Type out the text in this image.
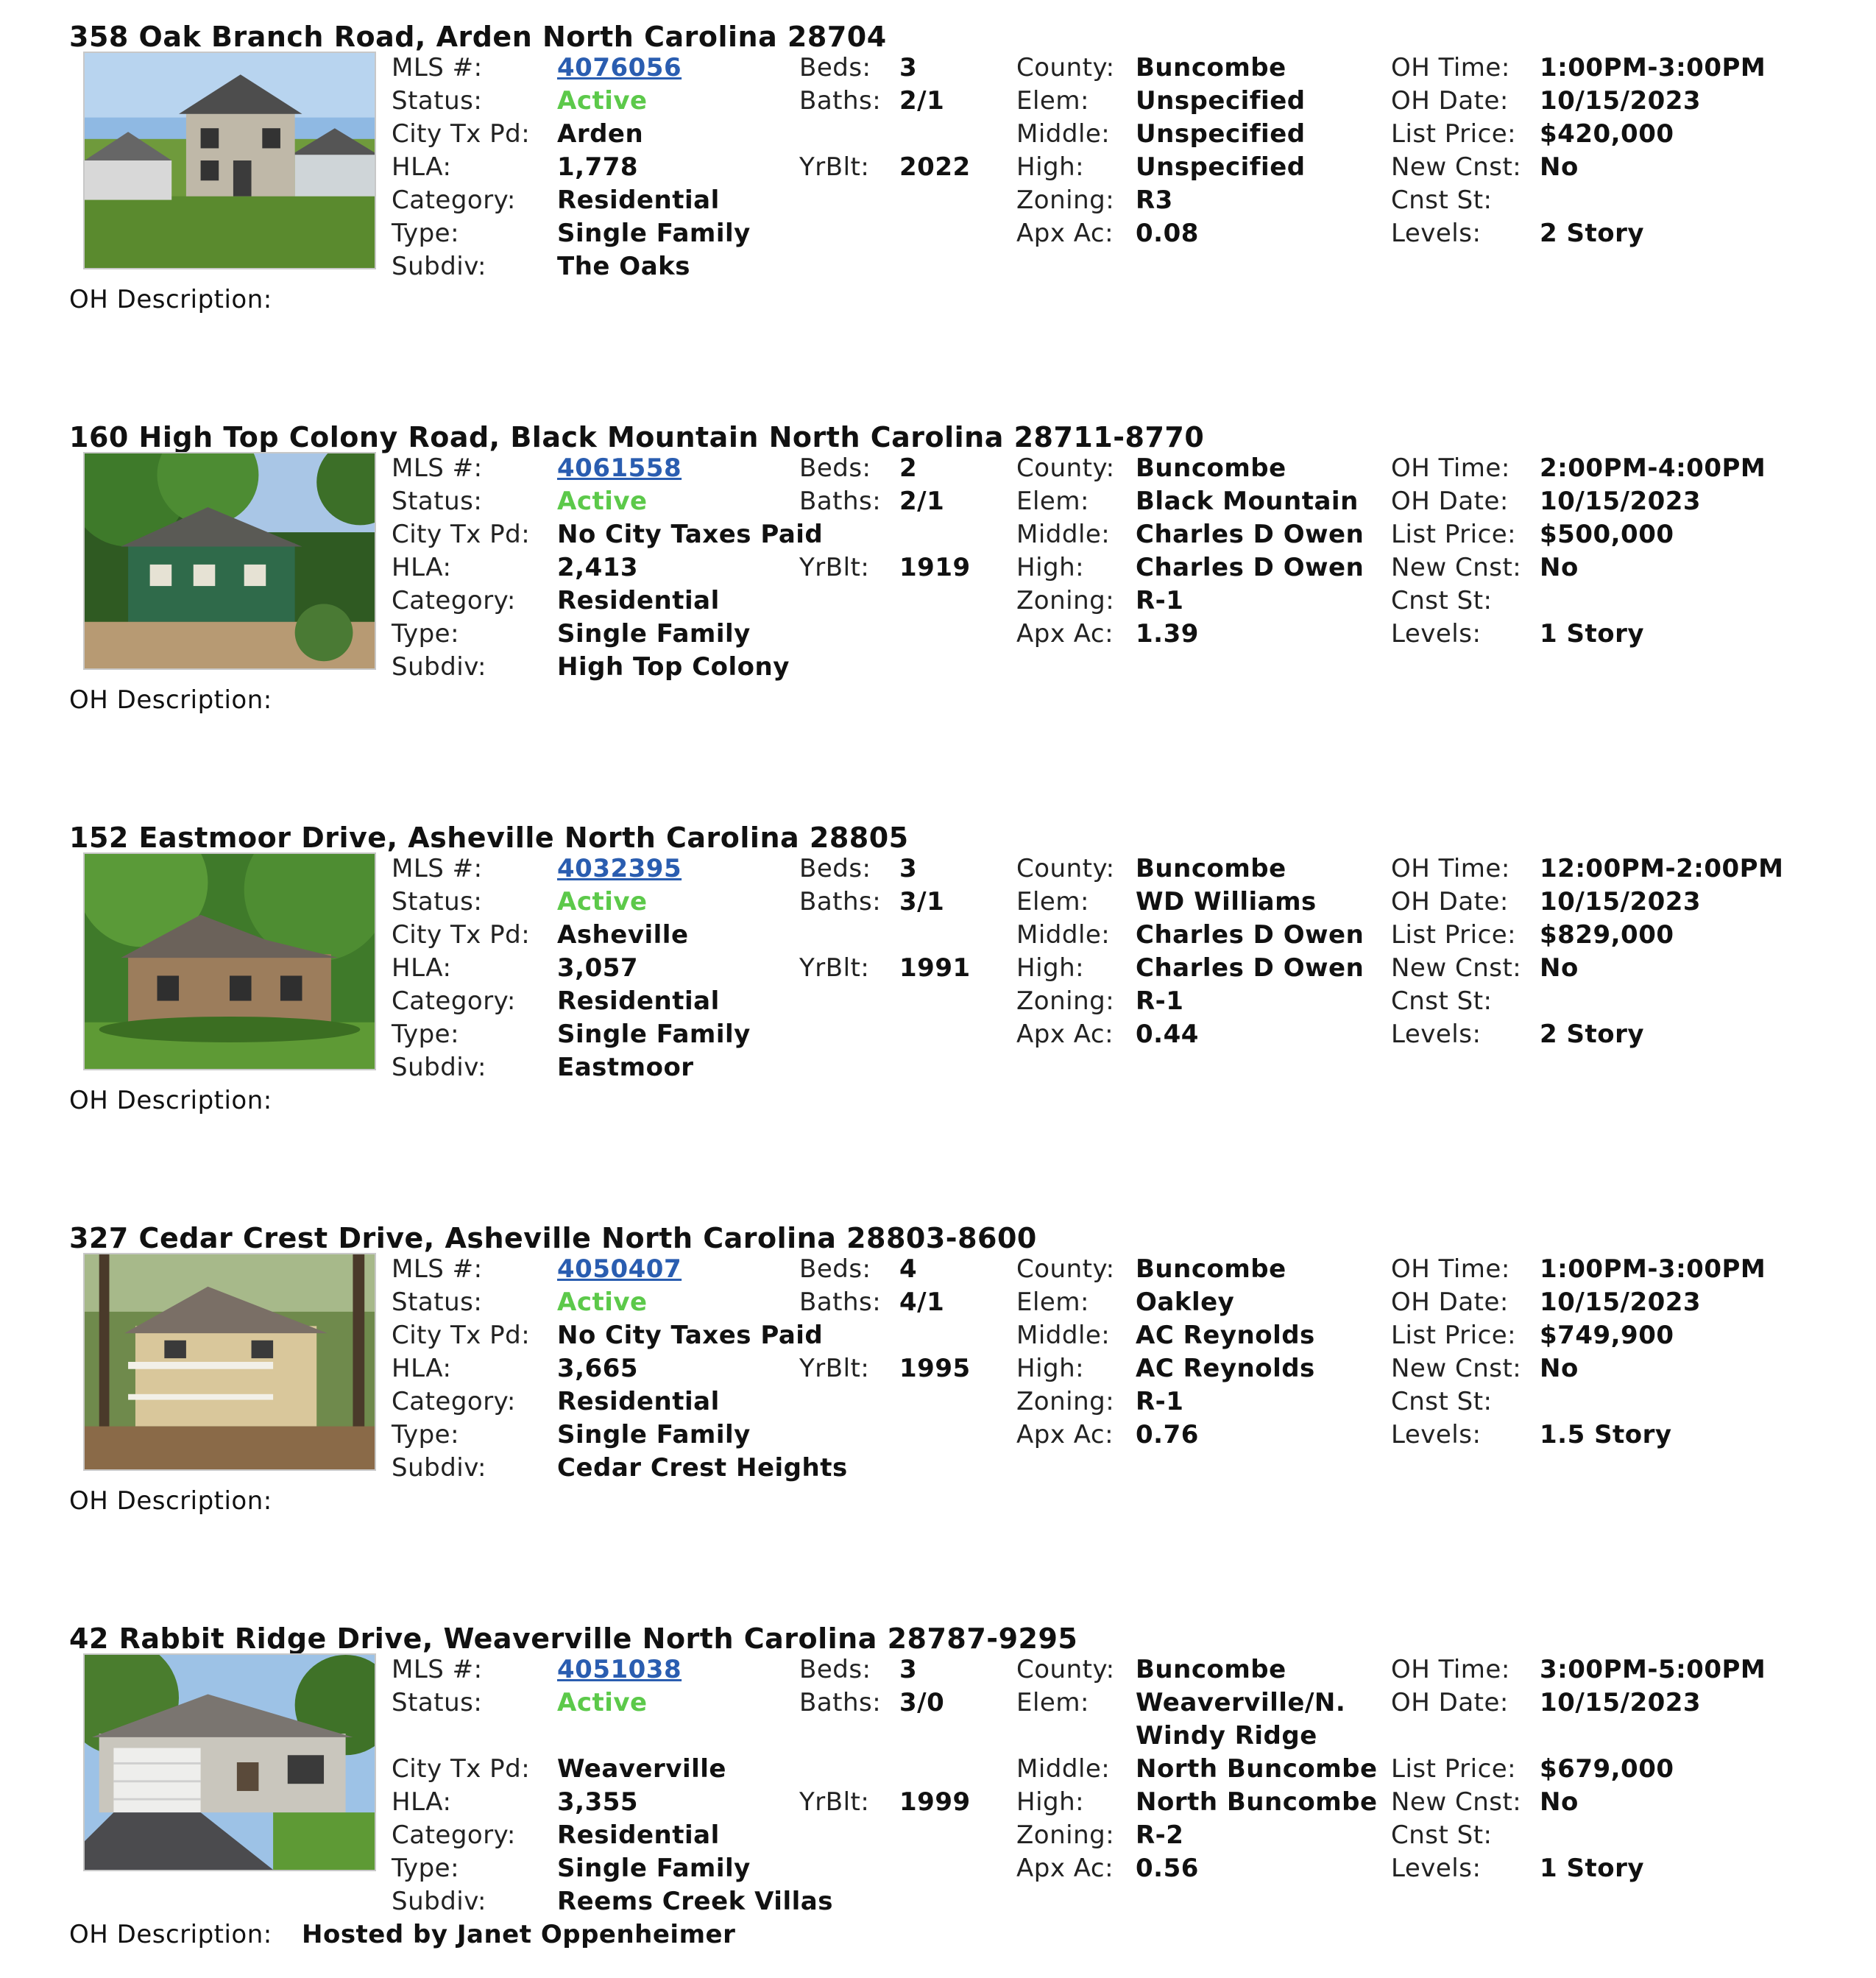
358 Oak Branch Road, Arden North Carolina 28704
MLS #:	4076056
Status:	Active
City Tx Pd: Arden
HLA:	1,778
Category: Residential
Type:	Single Family
Subdiv:	The Oaks
Beds: 3
Baths: 2/1
YrBlt: 2022
County: Buncombe
Elem: Unspecified
Middle: Unspecified
High: Unspecified
Zoning: R3
Apx Ac: 0.08
OH Time: 1:00PM-3:00PM
OH Date: 10/15/2023
List Price: $420,000
New Cnst: No
Cnst St:
Levels: 2 Story
OH Description:
160 High Top Colony Road, Black Mountain North Carolina 28711-8770
MLS #:	4061558
Status:	Active
City Tx Pd: No City Taxes Paid
HLA:	2,413
Category: Residential
Type:	Single Family
Subdiv:	High Top Colony
Beds: 2
Baths: 2/1
YrBlt: 1919
County: Buncombe
Elem: Black Mountain
Middle: Charles D Owen
High: Charles D Owen
Zoning: R-1
Apx Ac: 1.39
OH Time: 2:00PM-4:00PM
OH Date: 10/15/2023
List Price: $500,000
New Cnst: No
Cnst St:
Levels: 1 Story
OH Description:
152 Eastmoor Drive, Asheville North Carolina 28805
MLS #:	4032395
Status:	Active
City Tx Pd: Asheville
HLA:	3,057
Category: Residential
Type:	Single Family
Subdiv:	Eastmoor
Beds: 3
Baths: 3/1
YrBlt: 1991
County: Buncombe
Elem: WD Williams
Middle: Charles D Owen
High: Charles D Owen
Zoning: R-1
Apx Ac: 0.44
OH Time: 12:00PM-2:00PM
OH Date: 10/15/2023
List Price: $829,000
New Cnst: No
Cnst St:
Levels: 2 Story
OH Description:
327 Cedar Crest Drive, Asheville North Carolina 28803-8600
MLS #:	4050407
Status:	Active
City Tx Pd: No City Taxes Paid
HLA:	3,665
Category: Residential
Type:	Single Family
Subdiv:	Cedar Crest Heights
Beds: 4
Baths: 4/1
YrBlt: 1995
County: Buncombe
Elem: Oakley
Middle: AC Reynolds
High: AC Reynolds
Zoning: R-1
Apx Ac: 0.76
OH Time: 1:00PM-3:00PM
OH Date: 10/15/2023
List Price: $749,900
New Cnst: No
Cnst St:
Levels: 1.5 Story
OH Description:
42 Rabbit Ridge Drive, Weaverville North Carolina 28787-9295
MLS #:	4051038
Status:	Active
City Tx Pd: Weaverville
HLA:	3,355
Category: Residential
Type:	Single Family
Subdiv:	Reems Creek Villas
Beds: 3
Baths: 3/0
YrBlt: 1999
County: Buncombe
Elem: Weaverville/N.
Windy Ridge
Middle: North Buncombe
High: North Buncombe
Zoning: R-2
Apx Ac: 0.56
OH Time: 3:00PM-5:00PM
OH Date: 10/15/2023
List Price: $679,000
New Cnst: No
Cnst St:
Levels: 1 Story
OH Description: Hosted by Janet Oppenheimer
